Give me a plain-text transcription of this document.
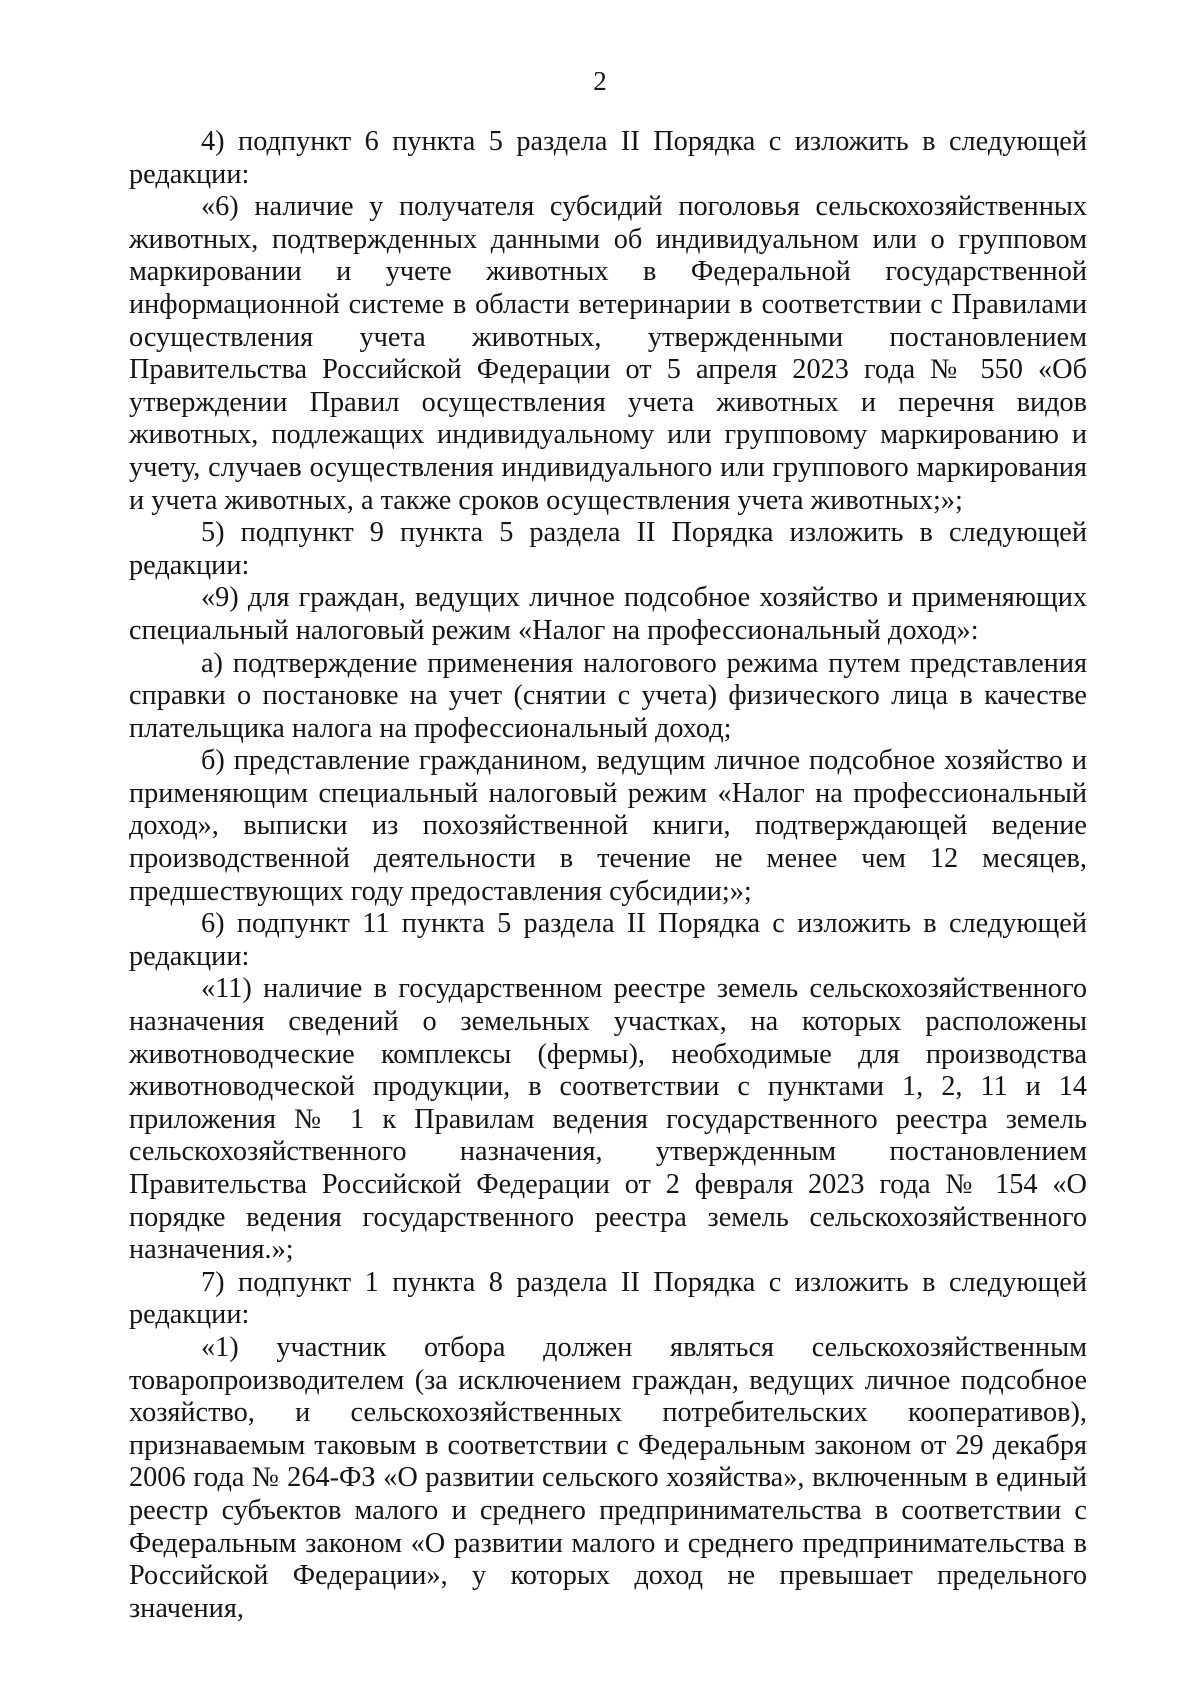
2

4) подпункт 6 пункта 5 раздела II Порядка с изложить в следующей редакции:

«6) наличие у получателя субсидий поголовья сельскохозяйственных животных, подтвержденных данными об индивидуальном или о групповом маркировании и учете животных в Федеральной государственной информационной системе в области ветеринарии в соответствии с Правилами осуществления учета животных, утвержденными постановлением Правительства Российской Федерации от 5 апреля 2023 года № 550 «Об утверждении Правил осуществления учета животных и перечня видов животных, подлежащих индивидуальному или групповому маркированию и учету, случаев осуществления индивидуального или группового маркирования и учета животных, а также сроков осуществления учета животных;»;

5) подпункт 9 пункта 5 раздела II Порядка изложить в следующей редакции:

«9) для граждан, ведущих личное подсобное хозяйство и применяющих специальный налоговый режим «Налог на профессиональный доход»:

а) подтверждение применения налогового режима путем представления справки о постановке на учет (снятии с учета) физического лица в качестве плательщика налога на профессиональный доход;

б) представление гражданином, ведущим личное подсобное хозяйство и применяющим специальный налоговый режим «Налог на профессиональный доход», выписки из похозяйственной книги, подтверждающей ведение производственной деятельности в течение не менее чем 12 месяцев, предшествующих году предоставления субсидии;»;

6) подпункт 11 пункта 5 раздела II Порядка с изложить в следующей редакции:

«11) наличие в государственном реестре земель сельскохозяйственного назначения сведений о земельных участках, на которых расположены животноводческие комплексы (фермы), необходимые для производства животноводческой продукции, в соответствии с пунктами 1, 2, 11 и 14 приложения № 1 к Правилам ведения государственного реестра земель сельскохозяйственного назначения, утвержденным постановлением Правительства Российской Федерации от 2 февраля 2023 года № 154 «О порядке ведения государственного реестра земель сельскохозяйственного назначения.»;

7) подпункт 1 пункта 8 раздела II Порядка с изложить в следующей редакции:

«1) участник отбора должен являться сельскохозяйственным товаропроизводителем (за исключением граждан, ведущих личное подсобное хозяйство, и сельскохозяйственных потребительских кооперативов), признаваемым таковым в соответствии с Федеральным законом от 29 декабря 2006 года № 264-ФЗ «О развитии сельского хозяйства», включенным в единый реестр субъектов малого и среднего предпринимательства в соответствии с Федеральным законом «О развитии малого и среднего предпринимательства в Российской Федерации», у которых доход не превышает предельного значения,
